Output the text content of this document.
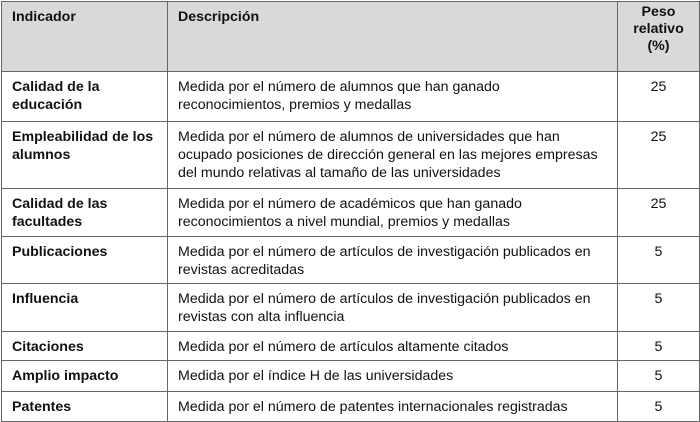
Indicador	Descripción	Peso
relativo
(%)
Calidad de la educación	Medida por el número de alumnos que han ganado reconocimientos, premios y medallas	25
Empleabilidad de los alumnos	Medida por el número de alumnos de universidades que han ocupado posiciones de dirección general en las mejores empresas del mundo relativas al tamaño de las universidades	25
Calidad de las facultades	Medida por el número de académicos que han ganado reconocimientos a nivel mundial, premios y medallas	25
Publicaciones	Medida por el número de artículos de investigación publicados en revistas acreditadas	5
Influencia	Medida por el número de artículos de investigación publicados en revistas con alta influencia	5
Citaciones	Medida por el número de artículos altamente citados	5
Amplio impacto	Medida por el índice H de las universidades	5
Patentes	Medida por el número de patentes internacionales registradas	5
